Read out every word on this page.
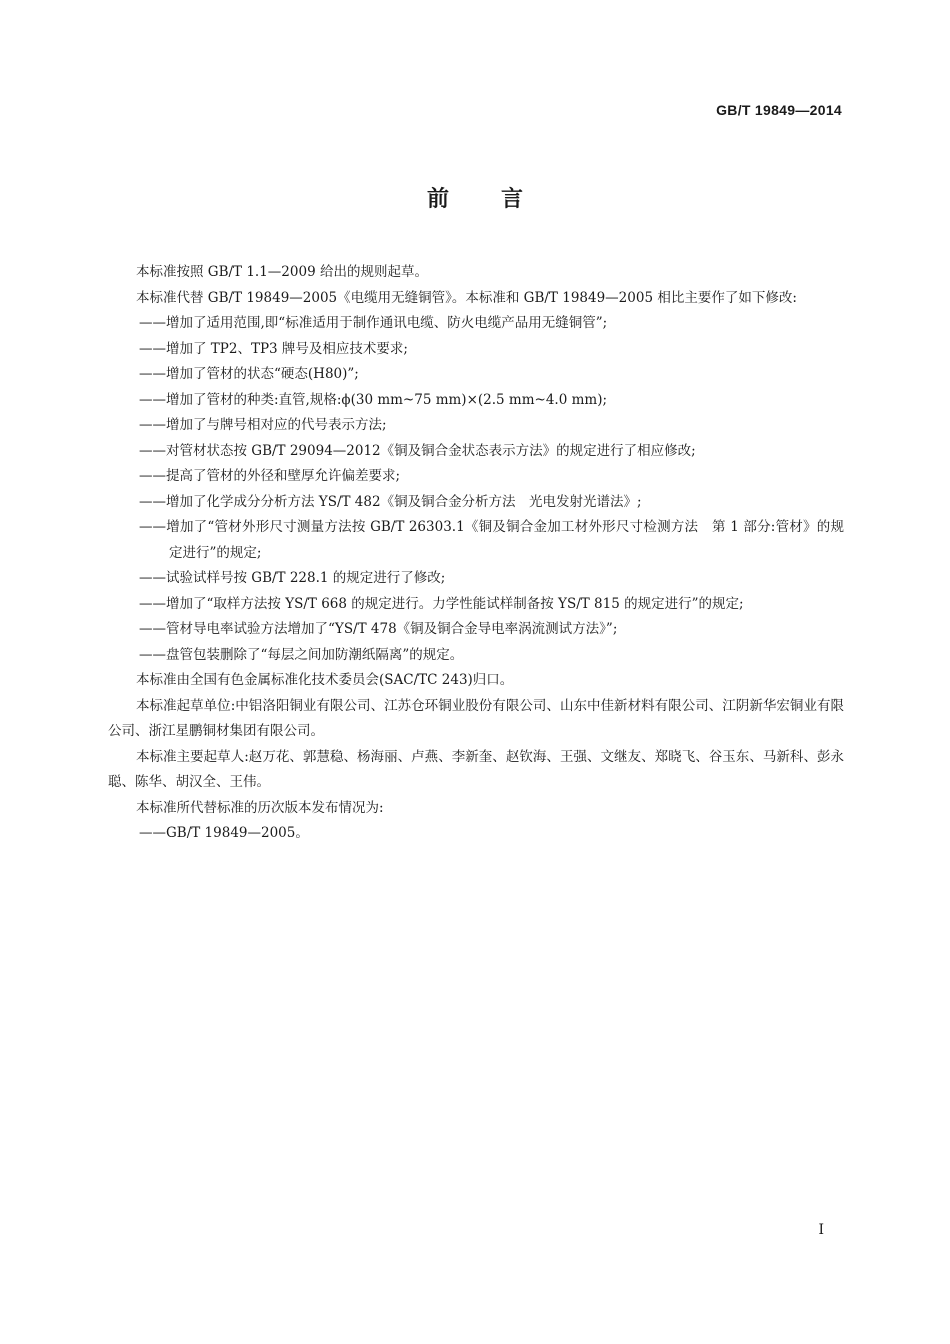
GB/T 19849—2014
前言

本标准按照 GB/T 1.1—2009 给出的规则起草。

本标准代替 GB/T 19849—2005《电缆用无缝铜管》。本标准和 GB/T 19849—2005 相比主要作了如下修改:

——增加了适用范围,即“标准适用于制作通讯电缆、防火电缆产品用无缝铜管”;

——增加了 TP2、TP3 牌号及相应技术要求;

——增加了管材的状态“硬态(H80)”;

——增加了管材的种类:直管,规格:ϕ(30 mm~75 mm)×(2.5 mm~4.0 mm);

——增加了与牌号相对应的代号表示方法;

——对管材状态按 GB/T 29094—2012《铜及铜合金状态表示方法》的规定进行了相应修改;

——提高了管材的外径和壁厚允许偏差要求;

——增加了化学成分分析方法 YS/T 482《铜及铜合金分析方法　光电发射光谱法》;

——增加了“管材外形尺寸测量方法按 GB/T 26303.1《铜及铜合金加工材外形尺寸检测方法　第 1 部分:管材》的规定进行”的规定;

——试验试样号按 GB/T 228.1 的规定进行了修改;

——增加了“取样方法按 YS/T 668 的规定进行。力学性能试样制备按 YS/T 815 的规定进行”的规定;

——管材导电率试验方法增加了“YS/T 478《铜及铜合金导电率涡流测试方法》”;

——盘管包装删除了“每层之间加防潮纸隔离”的规定。

本标准由全国有色金属标准化技术委员会(SAC/TC 243)归口。

本标准起草单位:中铝洛阳铜业有限公司、江苏仓环铜业股份有限公司、山东中佳新材料有限公司、江阴新华宏铜业有限公司、浙江星鹏铜材集团有限公司。

本标准主要起草人:赵万花、郭慧稳、杨海丽、卢燕、李新奎、赵钦海、王强、文继友、郑晓飞、谷玉东、马新科、彭永聪、陈华、胡汉全、王伟。

本标准所代替标准的历次版本发布情况为:

——GB/T 19849—2005。

I
